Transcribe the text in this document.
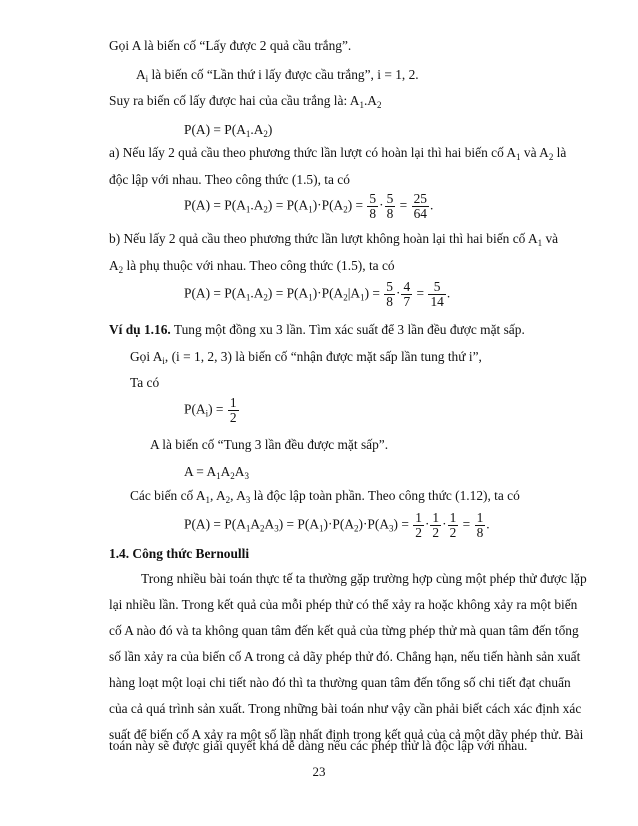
Gọi A là biến cố “Lấy được 2 quả cầu trắng”.
$A_i$ là biến cố “Lần thứ i lấy được cầu trắng”, i = 1, 2.
Suy ra biến cố lấy được hai của cầu trắng là: $A_1.A_2$
$P(A) = P(A_1.A_2)$
a) Nếu lấy 2 quả cầu theo phương thức lần lượt có hoàn lại thì hai biến cố $A_1$ và $A_2$ là
độc lập với nhau. Theo công thức (1.5), ta có
$P(A) = P(A_1.A_2) = P(A_1)\cdot P(A_2) = \frac{5}{8} \cdot \frac{5}{8} = \frac{25}{64}$ .
b) Nếu lấy 2 quả cầu theo phương thức lần lượt không hoàn lại thì hai biến cố $A_1$ và
$A_2$ là phụ thuộc với nhau. Theo công thức (1.5), ta có
$P(A) = P(A_1.A_2) = P(A_1)\cdot P(A_2|A_1) = \frac{5}{8} \cdot \frac{4}{7} = \frac{5}{14}$ .
Ví dụ 1.16. Tung một đồng xu 3 lần. Tìm xác suất để 3 lần đều được mặt sấp.
Gọi $A_i$, (i = 1, 2, 3) là biến cố “nhận được mặt sấp lần tung thứ i”,
Ta có
$P(A_i) = \frac{1}{2}$
A là biến cố “Tung 3 lần đều được mặt sấp”.
$A = A_1A_2A_3$
Các biến cố $A_1$, $A_2$, $A_3$ là độc lập toàn phần. Theo công thức (1.12), ta có
$P(A) = P(A_1A_2A_3) = P(A_1)\cdot P(A_2)\cdot P(A_3) = \frac{1}{2} \cdot \frac{1}{2} \cdot \frac{1}{2} = \frac{1}{8}$ .
1.4. Công thức Bernoulli
Trong nhiều bài toán thực tế ta thường gặp trường hợp cùng một phép thử được lặp
lại nhiều lần. Trong kết quả của mỗi phép thử có thể xảy ra hoặc không xảy ra một biến
cố A nào đó và ta không quan tâm đến kết quả của từng phép thử mà quan tâm đến tổng
số lần xảy ra của biến cố A trong cả dãy phép thử đó. Chẳng hạn, nếu tiến hành sản xuất
hàng loạt một loại chi tiết nào đó thì ta thường quan tâm đến tổng số chi tiết đạt chuẩn
của cả quá trình sản xuất. Trong những bài toán như vậy cần phải biết cách xác định xác
suất để biến cố A xảy ra một số lần nhất định trong kết quả của cả một dãy phép thử. Bài
toán này sẽ được giải quyết khá dễ dàng nếu các phép thử là độc lập với nhau.
23
